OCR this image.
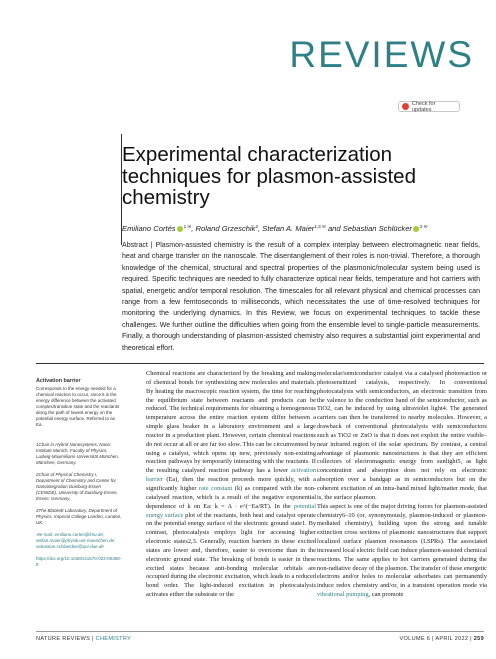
REVIEWS
Check for updates
Experimental characterization techniques for plasmon-assisted chemistry
Emiliano Cortés $^{1 ✉}$, Roland Grzeschik$^2$, Stefan A. Maier$^{1,3 ✉}$ and Sebastian Schlücker $^{2 ✉}$

Abstract | Plasmon-assisted chemistry is the result of a complex interplay between electromagnetic near fields, heat and charge transfer on the nanoscale. The disentanglement of their roles is non-trivial. Therefore, a thorough knowledge of the chemical, structural and spectral properties of the plasmonic/molecular system being used is required. Specific techniques are needed to fully characterize optical near fields, temperature and hot carriers with spatial, energetic and/or temporal resolution. The timescales for all relevant physical and chemical processes can range from a few femtoseconds to milliseconds, which necessitates the use of time-resolved techniques for monitoring the underlying dynamics. In this Review, we focus on experimental techniques to tackle these challenges. We further outline the difficulties when going from the ensemble level to single-particle measurements. Finally, a thorough understanding of plasmon-assisted chemistry also requires a substantial joint experimental and theoretical effort.

Activation barrier

Corresponds to the energy needed for a chemical reaction to occur, since it is the energy difference between the activated complex/transition state and the reactants along the path of lowest energy on the potential energy surface. Referred to as Ea.

1Chair in Hybrid Nanosystems, Nano-Institute Munich, Faculty of Physics, Ludwig-Maximilians-Universität München, München, Germany.

2Chair of Physical Chemistry I, Department of Chemistry and Center for Nanointegration Duisburg-Essen (CENIDE), University of Duisburg-Essen, Essen, Germany.

3The Blackett Laboratory, Department of Physics, Imperial College London, London, UK.

✉e-mail: emiliano.cortes@lmu.de; stefan.maier@physik.uni-muenchen.de; sebastian.schluecker@uni-due.de

https://doi.org/10.1038/s41570-022-00368-8

Chemical reactions are characterized by the breaking and making of chemical bonds for synthesizing new molecules and materials. By heating the macroscopic reaction system, the time for reaching the equilibrium state between reactants and products can be reduced. The technical requirements for obtaining a homogeneous temperature across the entire reaction system differ between a simple glass beaker in a laboratory environment and a large reactor in a production plant. However, certain chemical reactions do not occur at all or are far too slow. This can be circumvented by using a catalyst, which opens up new, previously non-existing reaction pathways by temporarily interacting with the reactants. If the resulting catalysed reaction pathway has a lower activation barrier (Ea), then the reaction proceeds more quickly, with a significantly higher rate constant (k) as compared with the non-catalysed reaction, which is a result of the negative exponential dependence of k on Ea: k = A · e^(−Ea/RT). In the potential energy surface plot of the reactants, both heat and catalyst operate on the potential energy surface of the electronic ground state1. By contrast, photocatalysis employs light for accessing higher electronic states2,3. Generally, reaction barriers in these excited states are lower and, therefore, easier to overcome than in the electronic ground state. The breaking of bonds is easier in these excited states because anti-bonding molecular orbitals are occupied during the electronic excitation, which leads to a reduced bond order. The light-induced excitation in photocatalysis activates either the substrate or the

molecular/semiconductor catalyst via a catalysed photoreaction or photosensitized catalysis, respectively. In conventional photocatalysis with semiconductors, an electronic transition from the valence to the conduction band of the semiconductor, such as TiO2, can be induced by using ultraviolet light4. The generated carriers can then be transferred to nearby molecules. However, a drawback of conventional photocatalysis with semiconductors such as TiO2 or ZnO is that it does not exploit the entire visible–near infrared region of the solar spectrum. By contrast, a central advantage of plasmonic nanostructures is that they are efficient collectors of electromagnetic energy from sunlight5, as light concentration and absorption does not rely on electronic absorption over a bandgap as in semiconductors but on the coherent excitation of an intra-band mixed light/matter mode, that is, the surface plasmon.
This aspect is one of the major driving forces for plasmon-assisted chemistry6–10 (or, synonymously, plasmon-induced or plasmon-mediated chemistry), building upon the strong and tunable extinction cross sections of plasmonic nanostructures that support localized surface plasmon resonances (LSPRs). The associated increased local electric field can induce plasmon-assisted chemical reactions. The same applies to hot carriers generated during the non-radiative decay of the plasmon. The transfer of these energetic electrons and/or holes to molecular adsorbates can permanently induce redox chemistry and/or, in a transient operation mode via vibrational pumping, can promote

NATURE REVIEWS | CHEMISTRY	VOLUME 6 | APRIL 2022 | 259
